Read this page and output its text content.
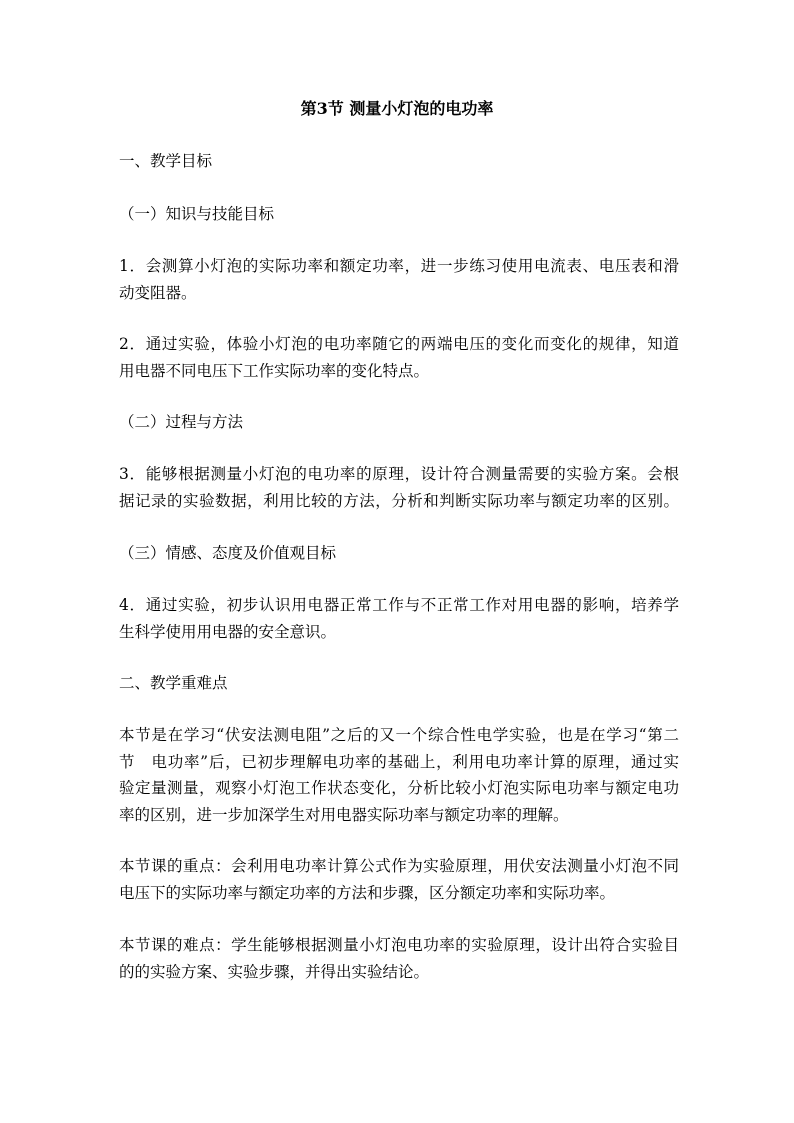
第3节 测量小灯泡的电功率
一、教学目标
（一）知识与技能目标
1．会测算小灯泡的实际功率和额定功率，进一步练习使用电流表、电压表和滑
动变阻器。
2．通过实验，体验小灯泡的电功率随它的两端电压的变化而变化的规律，知道
用电器不同电压下工作实际功率的变化特点。
（二）过程与方法
3．能够根据测量小灯泡的电功率的原理，设计符合测量需要的实验方案。会根
据记录的实验数据，利用比较的方法，分析和判断实际功率与额定功率的区别。
（三）情感、态度及价值观目标
4．通过实验，初步认识用电器正常工作与不正常工作对用电器的影响，培养学
生科学使用用电器的安全意识。
二、教学重难点
本节是在学习“伏安法测电阻”之后的又一个综合性电学实验，也是在学习“第二
节　电功率”后，已初步理解电功率的基础上，利用电功率计算的原理，通过实
验定量测量，观察小灯泡工作状态变化，分析比较小灯泡实际电功率与额定电功
率的区别，进一步加深学生对用电器实际功率与额定功率的理解。
本节课的重点：会利用电功率计算公式作为实验原理，用伏安法测量小灯泡不同
电压下的实际功率与额定功率的方法和步骤，区分额定功率和实际功率。
本节课的难点：学生能够根据测量小灯泡电功率的实验原理，设计出符合实验目
的的实验方案、实验步骤，并得出实验结论。
